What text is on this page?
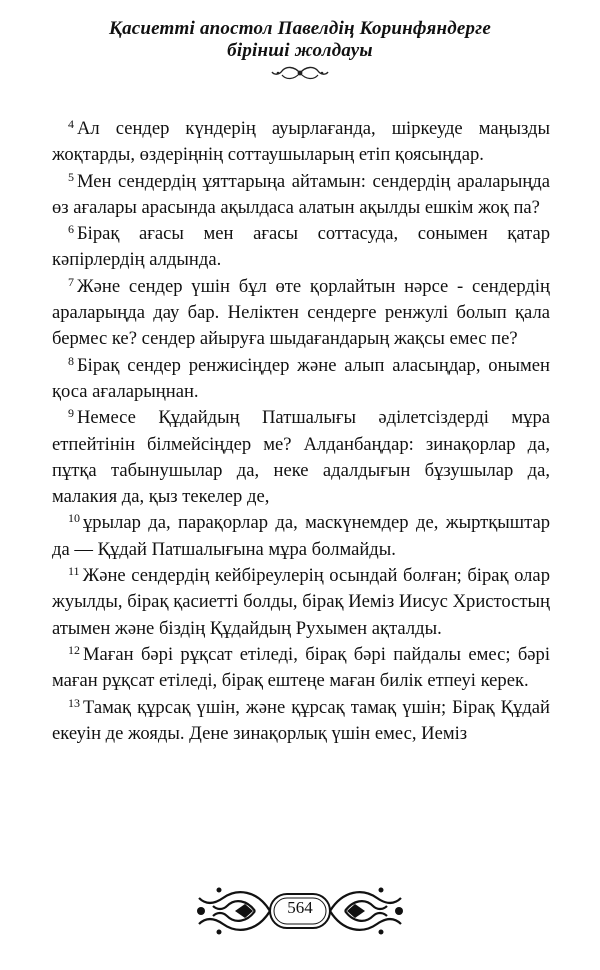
Қасиетті апостол Павелдің Коринфяндерге
бірінші жолдауы

$^4$ Ал сендер күндерің ауырлағанда, шіркеуде маңызды жоқтарды, өздеріңнің соттаушыларың етіп қоясыңдар.

$^5$ Мен сендердің ұяттарыңа айтамын: сендердің араларыңда өз ағалары арасында ақылдаса алатын ақылды ешкім жоқ па?

$^6$ Бірақ ағасы мен ағасы соттасуда, сонымен қатар кәпірлердің алдында.

$^7$ Және сендер үшін бұл өте қорлайтын нәрсе - сендердің араларыңда дау бар. Неліктен сендерге ренжулі болып қала бермес ке? сендер айыруға шыдағандарың жақсы емес пе?

$^8$ Бірақ сендер ренжисіңдер және алып аласыңдар, онымен қоса ағаларыңнан.

$^9$ Немесе Құдайдың Патшалығы әділетсіздерді мұра етпейтінін білмейсіңдер ме? Алданбаңдар: зинақорлар да, пұтқа табынушылар да, неке адалдығын бұзушылар да, малакия да, қыз текелер де,

$^{10}$ ұрылар да, парақорлар да, маскүнемдер де, жыртқыштар да — Құдай Патшалығына мұра болмайды.

$^{11}$ Және сендердің кейбіреулерің осындай болған; бірақ олар жуылды, бірақ қасиетті болды, бірақ Иеміз Иисус Христостың атымен және біздің Құдайдың Рухымен ақталды.

$^{12}$ Маған бәрі рұқсат етіледі, бірақ бәрі пайдалы емес; бәрі маған рұқсат етіледі, бірақ ештеңе маған билік етпеуі керек.

$^{13}$ Тамақ құрсақ үшін, және құрсақ тамақ үшін; Бірақ Құдай екеуін де жояды. Дене зинақорлық үшін емес, Иеміз

564
